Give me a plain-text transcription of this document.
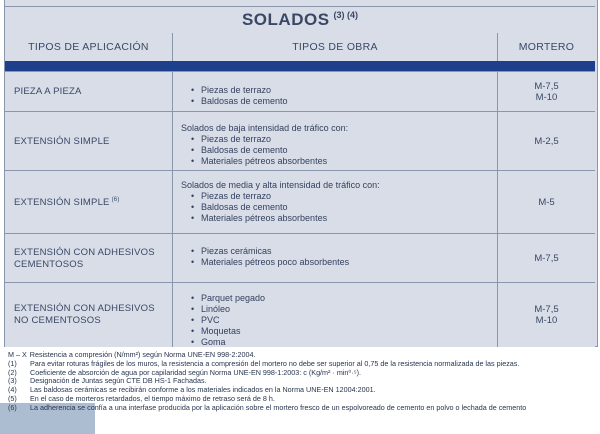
SOLADOS (3) (4)
TIPOS DE APLICACIÓN	TIPOS DE OBRA	MORTERO
PIEZA A PIEZA
•	Piezas de terrazo
• Baldosas de cemento
M-7,5
M-10
EXTENSIÓN SIMPLE
Solados de baja intensidad de tráfico con:
• Piezas de terrazo
• Baldosas de cemento
• Materiales pétreos absorbentes
M-2,5
EXTENSIÓN SIMPLE (6)
Solados de media y alta intensidad de tráfico con:
• Piezas de terrazo
• Baldosas de cemento
• Materiales pétreos absorbentes
M-5
EXTENSIÓN CON ADHESIVOS CEMENTOSOS
• Piezas cerámicas
• Materiales pétreos poco absorbentes	M-7,5
EXTENSIÓN CON ADHESIVOS NO CEMENTOSOS
• Parquet pegado
• Linóleo
• PVC
• Moquetas
• Goma
M-7,5
M-10
M – X Resistencia a compresión (N/mm²) según Norma UNE-EN 998-2:2004.
(1)	Para evitar roturas frágiles de los muros, la resistencia a compresión del mortero no debe ser superior al 0,75 de la resistencia normalizada de las piezas.
(2)	Coeficiente de absorción de agua por capilaridad según Norma UNE-EN 998-1:2003: c (Kg/m² · min⁰·⁵).
(3)	Designación de Juntas según CTE DB HS-1 Fachadas.
(4)	Las baldosas cerámicas se recibirán conforme a los materiales indicados en la Norma UNE-EN 12004:2001.
(5)	En el caso de morteros retardados, el tiempo máximo de retraso será de 8 h.
(6)	La adherencia se confía a una interfase producida por la aplicación sobre el mortero fresco de un espolvoreado de cemento en polvo o lechada de cemento
